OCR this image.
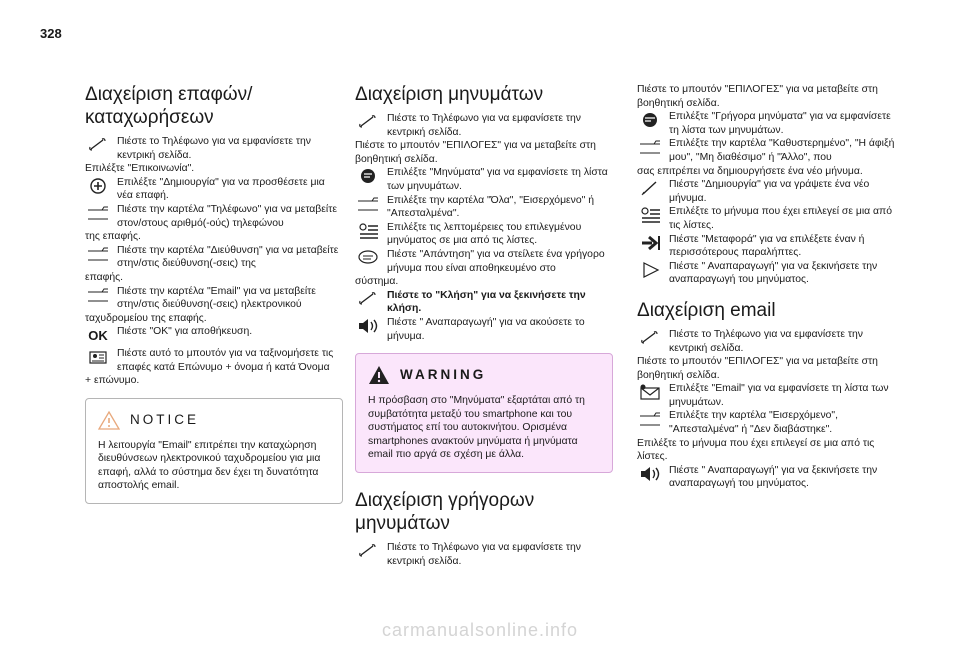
328
Διαχείριση επαφών/
καταχωρήσεων
Πιέστε το Τηλέφωνο για να εμφανίσετε την κεντρική σελίδα.
Επιλέξτε "Επικοινωνία".
Επιλέξτε "Δημιουργία" για να προσθέσετε μια νέα επαφή.
Πιέστε την καρτέλα "Τηλέφωνο" για να μεταβείτε στον/στους αριθμό(-ούς) τηλεφώνου
της επαφής.
Πιέστε την καρτέλα "Διεύθυνση" για να μεταβείτε στην/στις διεύθυνση(-σεις) της
επαφής.
Πιέστε την καρτέλα "Email" για να μεταβείτε στην/στις διεύθυνση(-σεις) ηλεκτρονικού
ταχυδρομείου της επαφής.
OK Πιέστε "ΟΚ" για αποθήκευση.
Πιέστε αυτό το μπουτόν για να ταξινομήσετε τις επαφές κατά Επώνυμο + όνομα ή κατά Όνομα
+ επώνυμο.
NOTICE
Η λειτουργία "Email" επιτρέπει την καταχώρηση διευθύνσεων ηλεκτρονικού ταχυδρομείου για μια επαφή, αλλά το σύστημα δεν έχει τη δυνατότητα αποστολής email.
Διαχείριση μηνυμάτων
Πιέστε το Τηλέφωνο για να εμφανίσετε την κεντρική σελίδα.
Πιέστε το μπουτόν "ΕΠΙΛΟΓΕΣ" για να μεταβείτε στη βοηθητική σελίδα.
Επιλέξτε "Μηνύματα" για να εμφανίσετε τη λίστα των μηνυμάτων.
Επιλέξτε την καρτέλα "Όλα", "Εισερχόμενο" ή "Απεσταλμένα".
Επιλέξτε τις λεπτομέρειες του επιλεγμένου μηνύματος σε μια από τις λίστες.
Πιέστε "Απάντηση" για να στείλετε ένα γρήγορο μήνυμα που είναι αποθηκευμένο στο
σύστημα.
Πιέστε το "Κλήση" για να ξεκινήσετε την κλήση.
Πιέστε " Αναπαραγωγή" για να ακούσετε το μήνυμα.
WARNING
Η πρόσβαση στο "Μηνύματα" εξαρτάται από τη συμβατότητα μεταξύ του smartphone και του συστήματος επί του αυτοκινήτου. Ορισμένα smartphones ανακτούν μηνύματα ή μηνύματα email πιο αργά σε σχέση με άλλα.
Διαχείριση γρήγορων
μηνυμάτων
Πιέστε το Τηλέφωνο για να εμφανίσετε την κεντρική σελίδα.
Πιέστε το μπουτόν "ΕΠΙΛΟΓΕΣ" για να μεταβείτε στη βοηθητική σελίδα.
Επιλέξτε "Γρήγορα μηνύματα" για να εμφανίσετε τη λίστα των μηνυμάτων.
Επιλέξτε την καρτέλα "Καθυστερημένο", "Η άφιξή μου", "Μη διαθέσιμο" ή "Άλλο", που
σας επιτρέπει να δημιουργήσετε ένα νέο μήνυμα.
Πιέστε "Δημιουργία" για να γράψετε ένα νέο μήνυμα.
Επιλέξτε το μήνυμα που έχει επιλεγεί σε μια από τις λίστες.
Πιέστε "Μεταφορά" για να επιλέξετε έναν ή περισσότερους παραλήπτες.
Πιέστε " Αναπαραγωγή" για να ξεκινήσετε την αναπαραγωγή του μηνύματος.
Διαχείριση email
Πιέστε το Τηλέφωνο για να εμφανίσετε την κεντρική σελίδα.
Πιέστε το μπουτόν "ΕΠΙΛΟΓΕΣ" για να μεταβείτε στη βοηθητική σελίδα.
Επιλέξτε "Email" για να εμφανίσετε τη λίστα των μηνυμάτων.
Επιλέξτε την καρτέλα "Εισερχόμενο", "Απεσταλμένα" ή "Δεν διαβάστηκε".
Επιλέξτε το μήνυμα που έχει επιλεγεί σε μια από τις λίστες.
Πιέστε " Αναπαραγωγή" για να ξεκινήσετε την αναπαραγωγή του μηνύματος.
carmanualsonline.info
